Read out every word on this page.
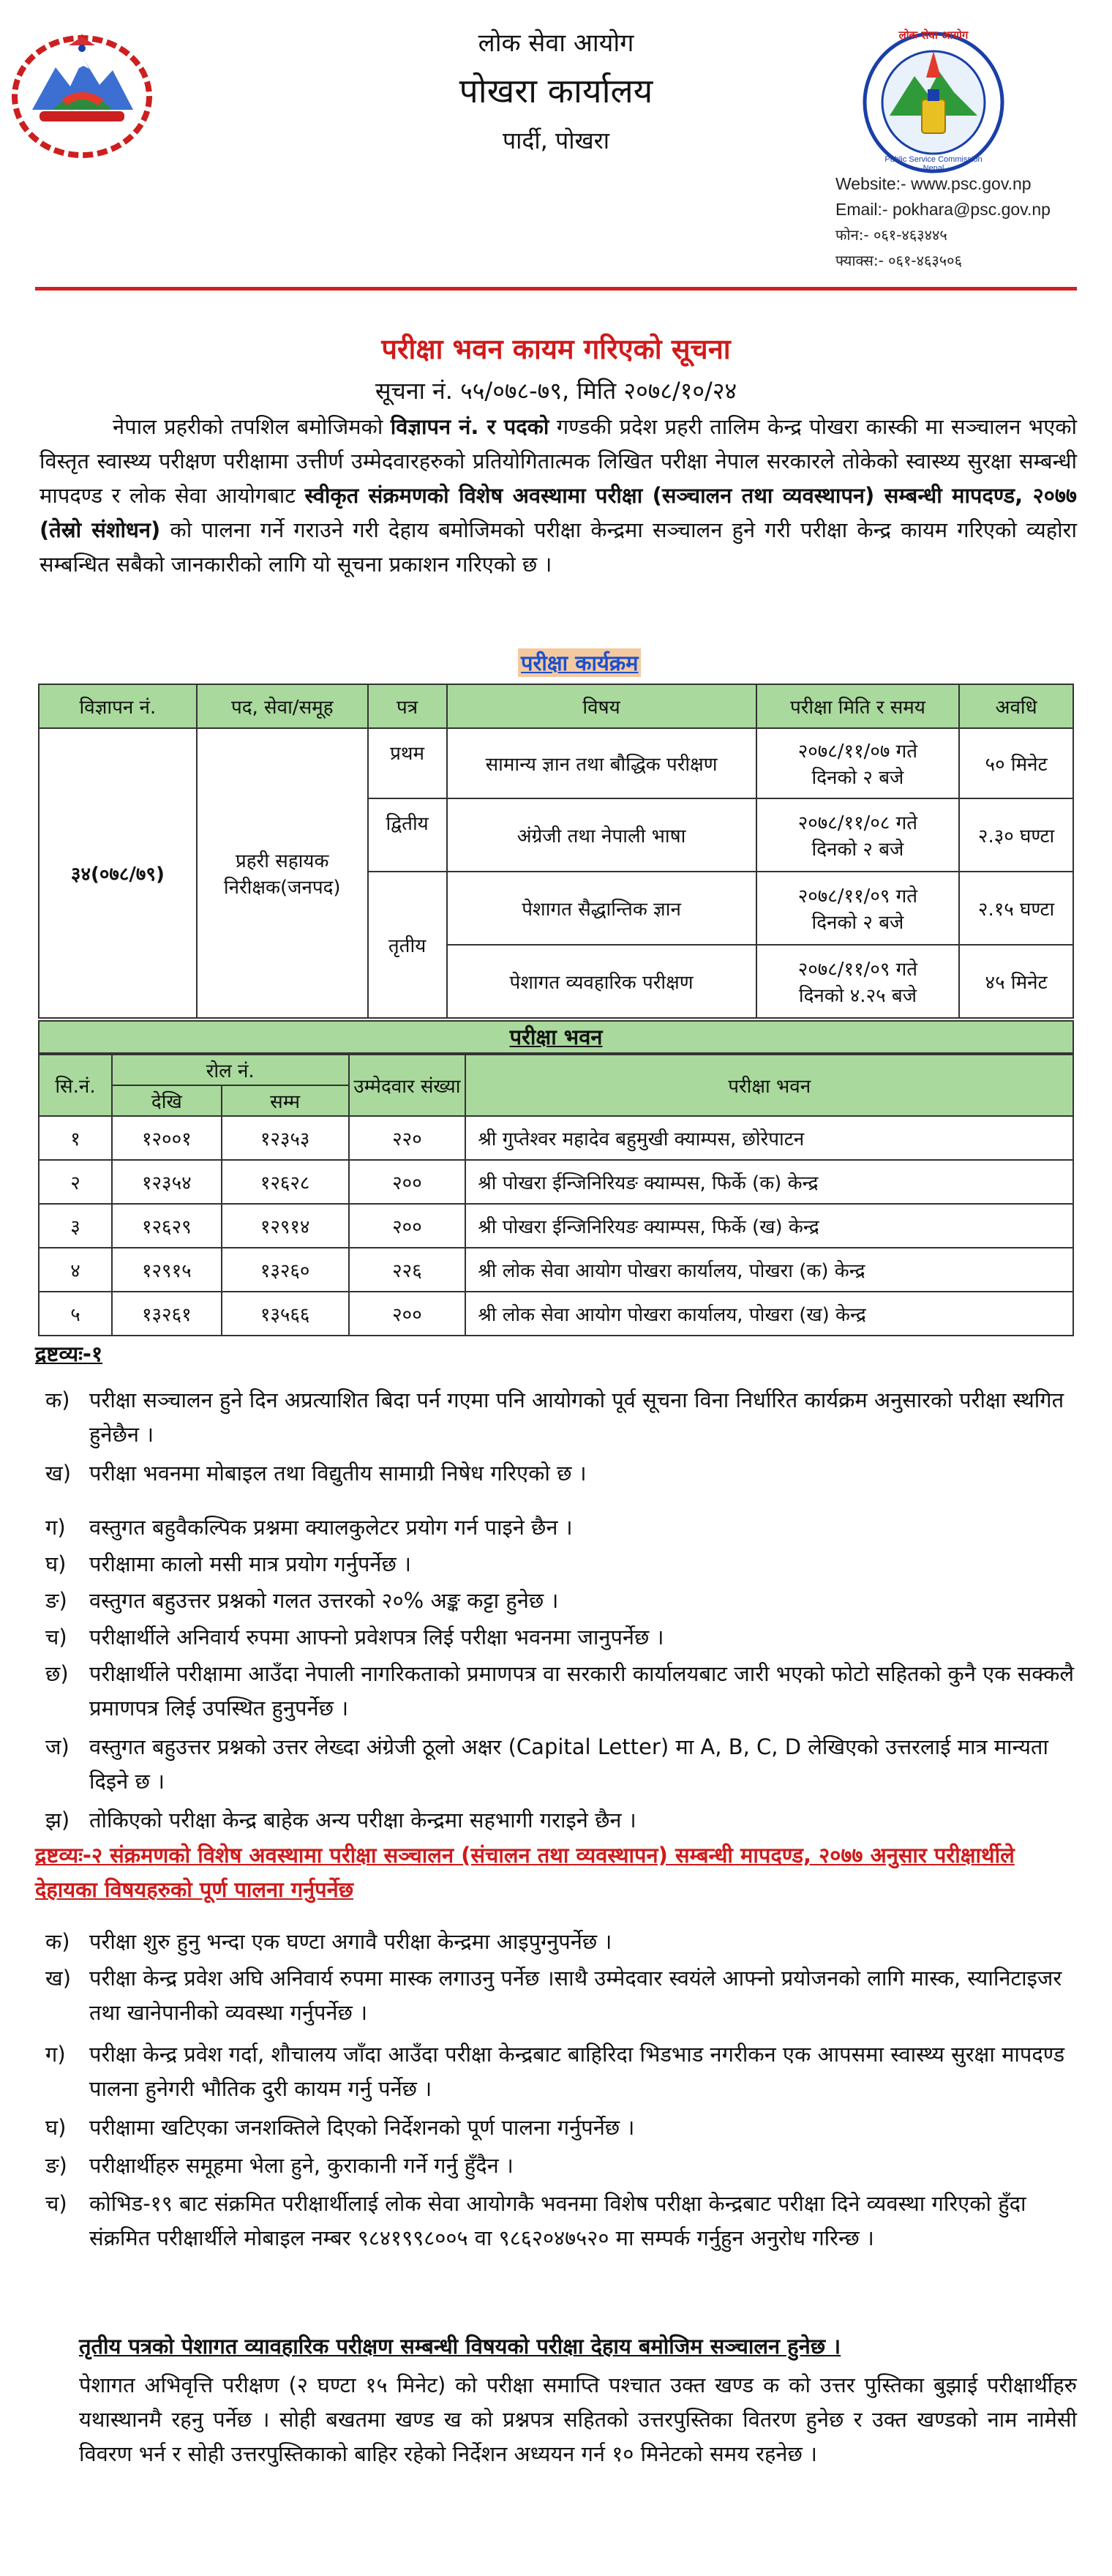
लोक सेवा आयोग
पोखरा कार्यालय
पार्दी, पोखरा
लोक सेवा आयोग
Public Service Commission Nepal
Website:- www.psc.gov.np
Email:- pokhara@psc.gov.np
फोन:- ०६१-४६३४४५
फ्याक्स:- ०६१-४६३५०६
परीक्षा भवन कायम गरिएको सूचना
सूचना नं. ५५/०७८-७९, मिति २०७८/१०/२४
नेपाल प्रहरीको तपशिल बमोजिमको विज्ञापन नं. र पदको गण्डकी प्रदेश प्रहरी तालिम केन्द्र पोखरा कास्की मा सञ्चालन भएको विस्तृत स्वास्थ्य परीक्षण परीक्षामा उत्तीर्ण उम्मेदवारहरुको प्रतियोगितात्मक लिखित परीक्षा नेपाल सरकारले तोकेको स्वास्थ्य सुरक्षा सम्बन्धी मापदण्ड र लोक सेवा आयोगबाट स्वीकृत संक्रमणको विशेष अवस्थामा परीक्षा (सञ्चालन तथा व्यवस्थापन) सम्बन्धी मापदण्ड, २०७७ (तेस्रो संशोधन) को पालना गर्ने गराउने गरी देहाय बमोजिमको परीक्षा केन्द्रमा सञ्चालन हुने गरी परीक्षा केन्द्र कायम गरिएको व्यहोरा सम्बन्धित सबैको जानकारीको लागि यो सूचना प्रकाशन गरिएको छ ।
परीक्षा कार्यक्रम
विज्ञापन नं.	पद, सेवा/समूह	पत्र	विषय	परीक्षा मिति र समय	अवधि
३४(०७८/७९)	प्रहरी सहायक निरीक्षक(जनपद)	प्रथम	सामान्य ज्ञान तथा बौद्धिक परीक्षण	२०७८/११/०७ गते
दिनको २ बजे	५० मिनेट
		द्वितीय	अंग्रेजी तथा नेपाली भाषा	२०७८/११/०८ गते
दिनको २ बजे	२.३० घण्टा
		तृतीय	पेशागत सैद्धान्तिक ज्ञान	२०७८/११/०९ गते
दिनको २ बजे	२.१५ घण्टा
			पेशागत व्यवहारिक परीक्षण	२०७८/११/०९ गते
दिनको ४.२५ बजे	४५ मिनेट
परीक्षा भवन
सि.नं.	रोल नं.		उम्मेदवार संख्या	परीक्षा भवन
	देखि	सम्म		
१	१२००१	१२३५३	२२०	श्री गुप्तेश्वर महादेव बहुमुखी क्याम्पस, छोरेपाटन
२	१२३५४	१२६२८	२००	श्री पोखरा ईन्जिनिरियङ क्याम्पस, फिर्के (क) केन्द्र
३	१२६२९	१२९१४	२००	श्री पोखरा ईन्जिनिरियङ क्याम्पस, फिर्के (ख) केन्द्र
४	१२९१५	१३२६०	२२६	श्री लोक सेवा आयोग पोखरा कार्यालय, पोखरा (क) केन्द्र
५	१३२६१	१३५६६	२००	श्री लोक सेवा आयोग पोखरा कार्यालय, पोखरा (ख) केन्द्र
द्रष्टव्यः-१
क) परीक्षा सञ्चालन हुने दिन अप्रत्याशित बिदा पर्न गएमा पनि आयोगको पूर्व सूचना विना निर्धारित कार्यक्रम अनुसारको परीक्षा स्थगित हुनेछैन ।
ख) परीक्षा भवनमा मोबाइल तथा विद्युतीय सामाग्री निषेध गरिएको छ ।
ग) वस्तुगत बहुवैकल्पिक प्रश्नमा क्यालकुलेटर प्रयोग गर्न पाइने छैन ।
घ) परीक्षामा कालो मसी मात्र प्रयोग गर्नुपर्नेछ ।
ङ) वस्तुगत बहुउत्तर प्रश्नको गलत उत्तरको २०% अङ्क कट्टा हुनेछ ।
च) परीक्षार्थीले अनिवार्य रुपमा आफ्नो प्रवेशपत्र लिई परीक्षा भवनमा जानुपर्नेछ ।
छ) परीक्षार्थीले परीक्षामा आउँदा नेपाली नागरिकताको प्रमाणपत्र वा सरकारी कार्यालयबाट जारी भएको फोटो सहितको कुनै एक सक्कलै प्रमाणपत्र लिई उपस्थित हुनुपर्नेछ ।
ज) वस्तुगत बहुउत्तर प्रश्नको उत्तर लेख्दा अंग्रेजी ठूलो अक्षर (Capital Letter) मा A, B, C, D लेखिएको उत्तरलाई मात्र मान्यता दिइने छ ।
झ) तोकिएको परीक्षा केन्द्र बाहेक अन्य परीक्षा केन्द्रमा सहभागी गराइने छैन ।
द्रष्टव्यः-२ संक्रमणको विशेष अवस्थामा परीक्षा सञ्चालन (संचालन तथा व्यवस्थापन) सम्बन्धी मापदण्ड, २०७७ अनुसार परीक्षार्थीले देहायका विषयहरुको पूर्ण पालना गर्नुपर्नेछ
क) परीक्षा शुरु हुनु भन्दा एक घण्टा अगावै परीक्षा केन्द्रमा आइपुग्नुपर्नेछ ।
ख) परीक्षा केन्द्र प्रवेश अघि अनिवार्य रुपमा मास्क लगाउनु पर्नेछ ।साथै उम्मेदवार स्वयंले आफ्नो प्रयोजनको लागि मास्क, स्यानिटाइजर तथा खानेपानीको व्यवस्था गर्नुपर्नेछ ।
ग) परीक्षा केन्द्र प्रवेश गर्दा, शौचालय जाँदा आउँदा परीक्षा केन्द्रबाट बाहिरिदा भिडभाड नगरीकन एक आपसमा स्वास्थ्य सुरक्षा मापदण्ड पालना हुनेगरी भौतिक दुरी कायम गर्नु पर्नेछ ।
घ) परीक्षामा खटिएका जनशक्तिले दिएको निर्देशनको पूर्ण पालना गर्नुपर्नेछ ।
ङ) परीक्षार्थीहरु समूहमा भेला हुने, कुराकानी गर्ने गर्नु हुँदैन ।
च) कोभिड-१९ बाट संक्रमित परीक्षार्थीलाई लोक सेवा आयोगकै भवनमा विशेष परीक्षा केन्द्रबाट परीक्षा दिने व्यवस्था गरिएको हुँदा संक्रमित परीक्षार्थीले मोबाइल नम्बर ९८४१९९८००५ वा ९८६२०४७५२० मा सम्पर्क गर्नुहुन अनुरोध गरिन्छ ।
तृतीय पत्रको पेशागत व्यावहारिक परीक्षण सम्बन्धी विषयको परीक्षा देहाय बमोजिम सञ्चालन हुनेछ ।
पेशागत अभिवृत्ति परीक्षण (२ घण्टा १५ मिनेट) को परीक्षा समाप्ति पश्चात उक्त खण्ड क को उत्तर पुस्तिका बुझाई परीक्षार्थीहरु यथास्थानमै रहनु पर्नेछ । सोही बखतमा खण्ड ख को प्रश्नपत्र सहितको उत्तरपुस्तिका वितरण हुनेछ र उक्त खण्डको नाम नामेसी विवरण भर्न र सोही उत्तरपुस्तिकाको बाहिर रहेको निर्देशन अध्ययन गर्न १० मिनेटको समय रहनेछ ।
